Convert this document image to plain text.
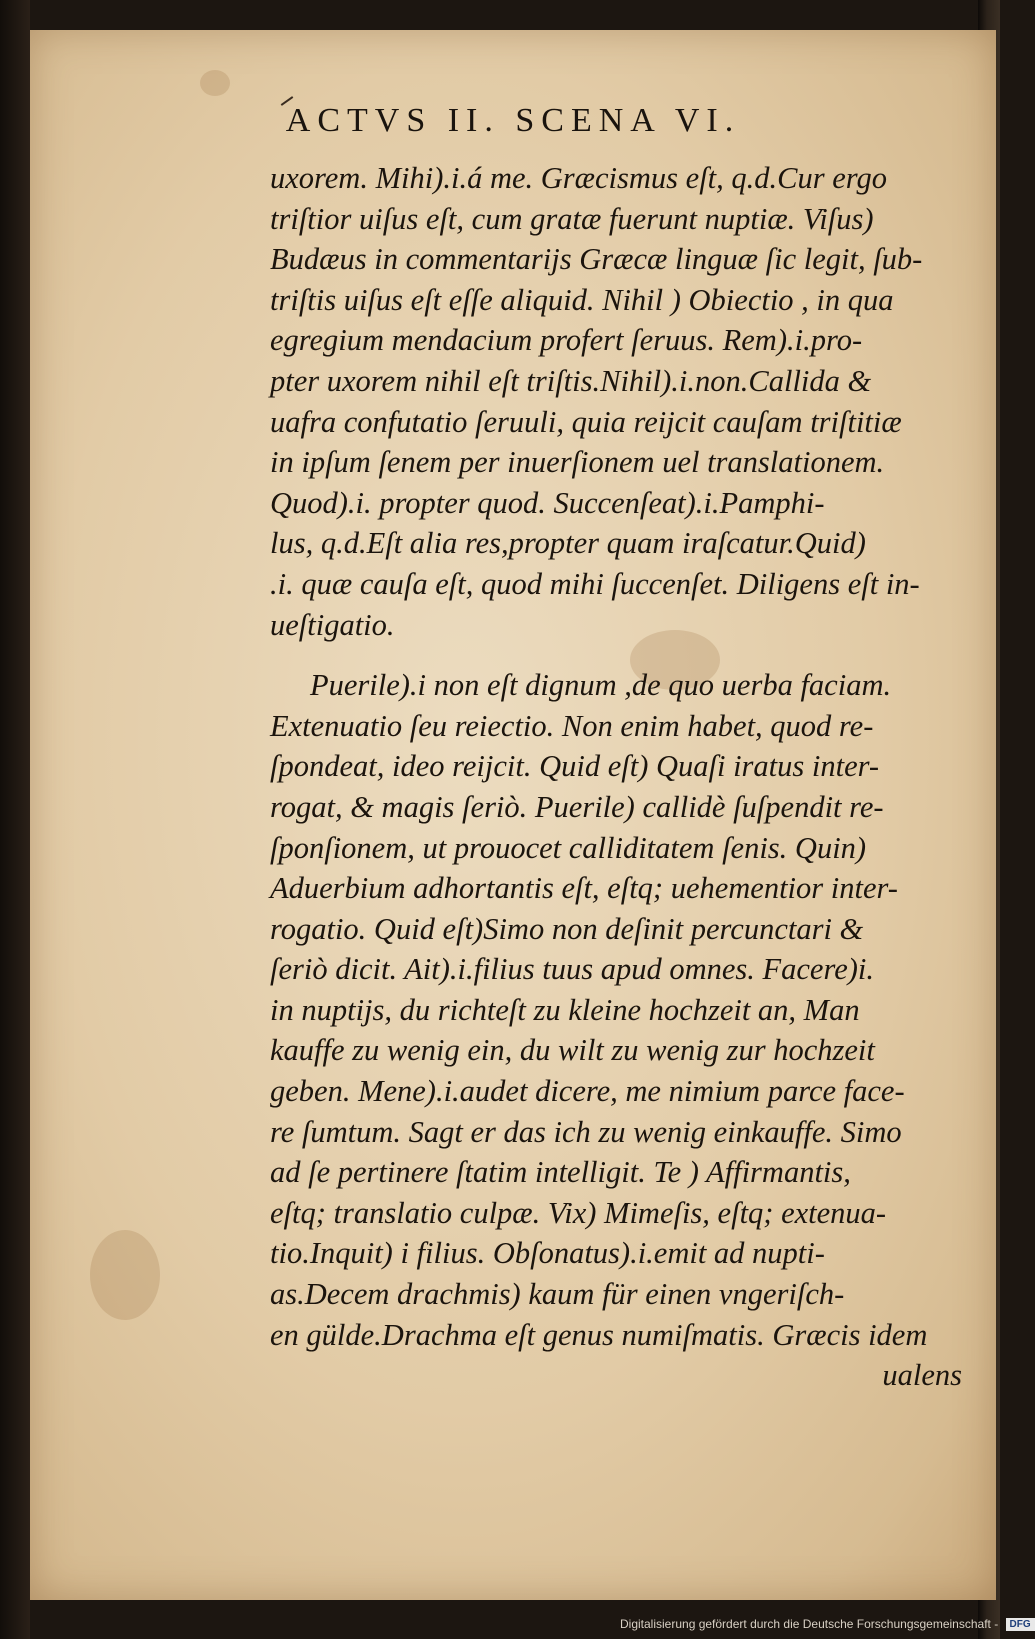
ACTVS II. SCENA VI.
uxorem. Mihi).i.á me. Græcismus eſt, q.d.Cur ergo
triſtior uiſus eſt, cum gratæ fuerunt nuptiæ. Viſus)
Budæus in commentarijs Græcæ linguæ ſic legit, ſub-
triſtis uiſus eſt eſſe aliquid. Nihil ) Obiectio , in qua
egregium mendacium profert ſeruus. Rem).i.pro-
pter uxorem nihil eſt triſtis.Nihil).i.non.Callida &
uafra confutatio ſeruuli, quia reijcit cauſam triſtitiæ
in ipſum ſenem per inuerſionem uel translationem.
Quod).i. propter quod. Succenſeat).i.Pamphi-
lus, q.d.Eſt alia res,propter quam iraſcatur.Quid)
.i. quæ cauſa eſt, quod mihi ſuccenſet. Diligens eſt in-
ueſtigatio.
Puerile).i non eſt dignum ,de quo uerba faciam.
Extenuatio ſeu reiectio. Non enim habet, quod re-
ſpondeat, ideo reijcit. Quid eſt) Quaſi iratus inter-
rogat, & magis ſeriò. Puerile) callidè ſuſpendit re-
ſponſionem, ut prouocet calliditatem ſenis. Quin)
Aduerbium adhortantis eſt, eſtq; uehementior inter-
rogatio. Quid eſt)Simo non deſinit percunctari &
ſeriò dicit. Ait).i.filius tuus apud omnes. Facere)i.
in nuptijs, du richteſt zu kleine hochzeit an, Man
kauffe zu wenig ein, du wilt zu wenig zur hochzeit
geben. Mene).i.audet dicere, me nimium parce face-
re ſumtum. Sagt er das ich zu wenig einkauffe. Simo
ad ſe pertinere ſtatim intelligit. Te ) Affirmantis,
eſtq; translatio culpæ. Vix) Mimeſis, eſtq; extenua-
tio.Inquit) i filius. Obſonatus).i.emit ad nupti-
as.Decem drachmis) kaum für einen vngeriſch-
en gülde.Drachma eſt genus numiſmatis. Græcis idem
ualens
Digitalisierung gefördert durch die Deutsche Forschungsgemeinschaft - DFG
